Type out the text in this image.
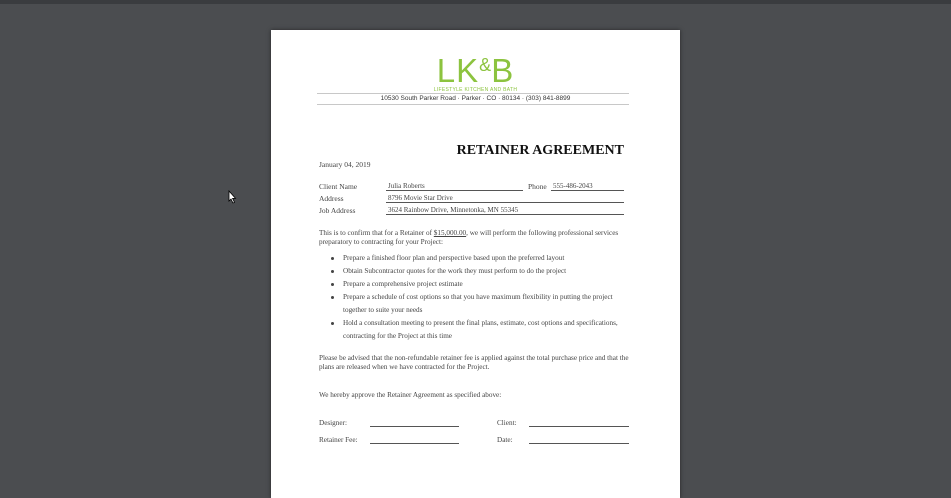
LK&B
LIFESTYLE KITCHEN AND BATH
10530 South Parker Road · Parker · CO · 80134 · (303) 841-8899
RETAINER AGREEMENT
January 04, 2019
Client Name	Julia Roberts	Phone 555-486-2043
Address	8796 Movie Star Drive
Job Address	3624 Rainbow Drive, Minnetonka, MN 55345
This is to confirm that for a Retainer of $15,000.00, we will perform the following professional services preparatory to contracting for your Project:
Prepare a finished floor plan and perspective based upon the preferred layout
Obtain Subcontractor quotes for the work they must perform to do the project
Prepare a comprehensive project estimate
Prepare a schedule of cost options so that you have maximum flexibility in putting the project together to suite your needs
Hold a consultation meeting to present the final plans, estimate, cost options and specifications, contracting for the Project at this time
Please be advised that the non-refundable retainer fee is applied against the total purchase price and that the plans are released when we have contracted for the Project.
We hereby approve the Retainer Agreement as specified above:
Designer:	Client:
Retainer Fee:	Date:
